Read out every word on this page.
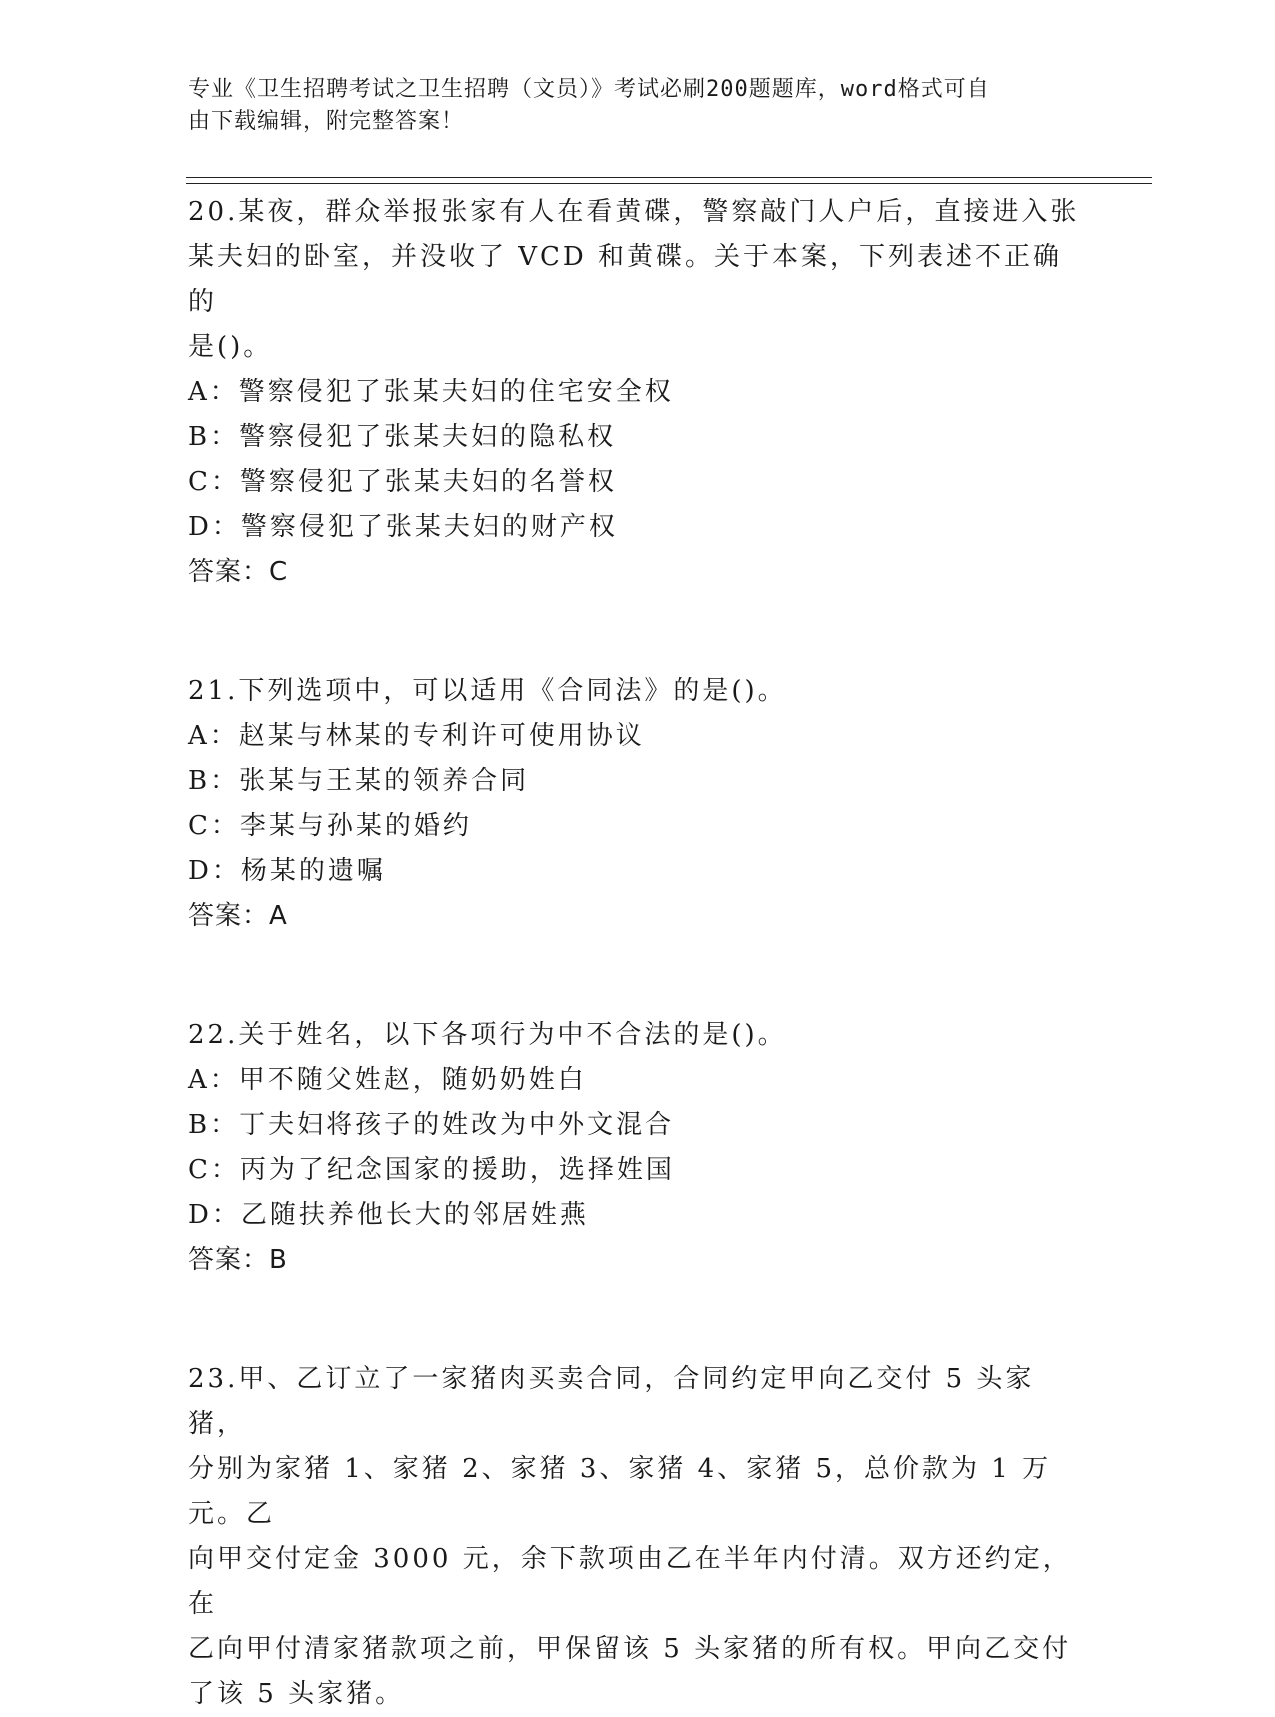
专业《卫生招聘考试之卫生招聘（文员）》考试必刷200题题库，word格式可自
由下载编辑，附完整答案！
20.某夜，群众举报张家有人在看黄碟，警察敲门人户后，直接进入张
某夫妇的卧室，并没收了 VCD 和黄碟。关于本案，下列表述不正确的
是()。
A：警察侵犯了张某夫妇的住宅安全权
B：警察侵犯了张某夫妇的隐私权
C：警察侵犯了张某夫妇的名誉权
D：警察侵犯了张某夫妇的财产权
答案：C
21.下列选项中，可以适用《合同法》的是()。
A：赵某与林某的专利许可使用协议
B：张某与王某的领养合同
C：李某与孙某的婚约
D：杨某的遗嘱
答案：A
22.关于姓名，以下各项行为中不合法的是()。
A：甲不随父姓赵，随奶奶姓白
B：丁夫妇将孩子的姓改为中外文混合
C：丙为了纪念国家的援助，选择姓国
D：乙随扶养他长大的邻居姓燕
答案：B
23.甲、乙订立了一家猪肉买卖合同，合同约定甲向乙交付 5 头家猪，
分别为家猪 1、家猪 2、家猪 3、家猪 4、家猪 5，总价款为 1 万元。乙
向甲交付定金 3000 元，余下款项由乙在半年内付清。双方还约定，在
乙向甲付清家猪款项之前，甲保留该 5 头家猪的所有权。甲向乙交付
了该 5 头家猪。
